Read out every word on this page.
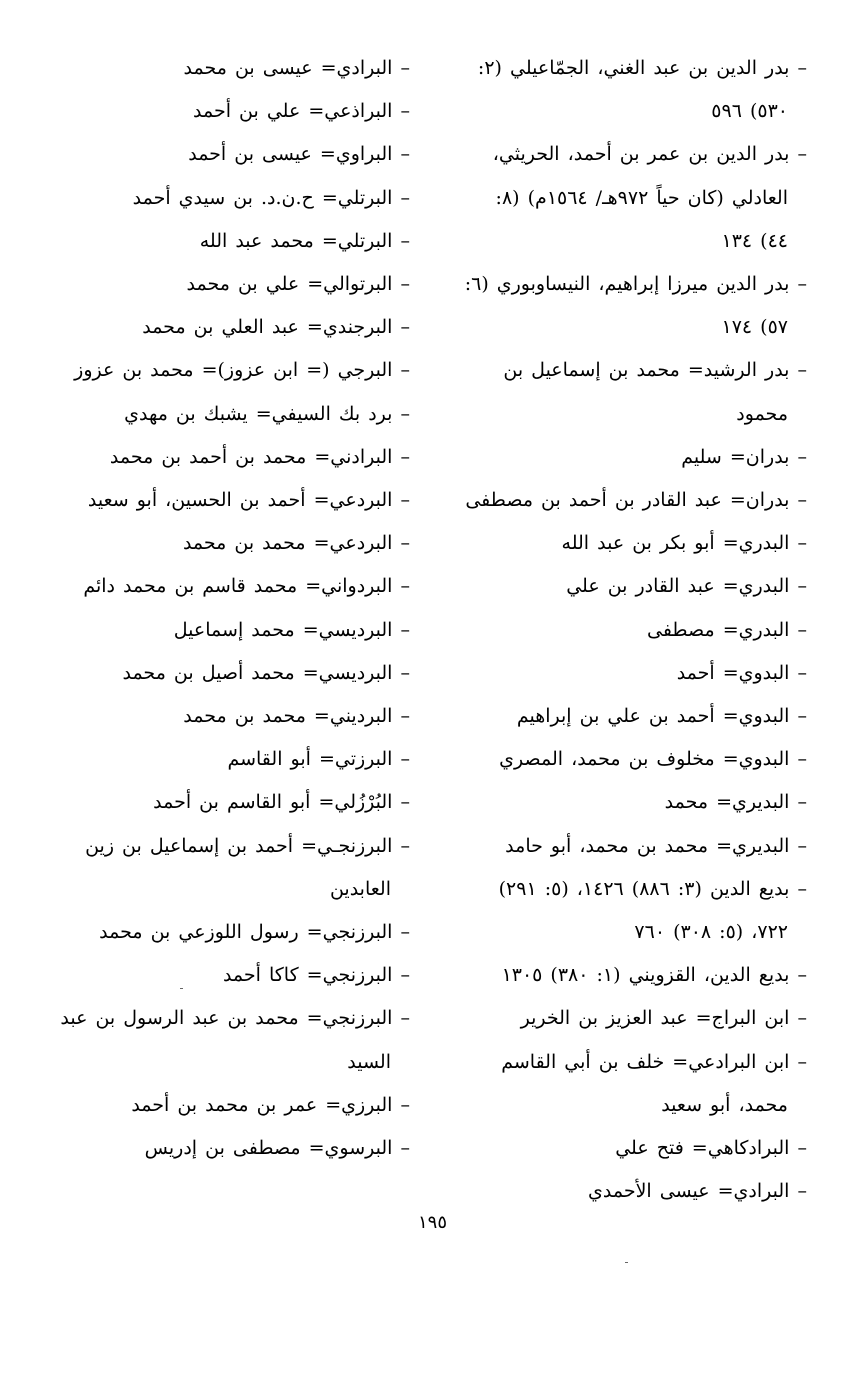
– بدر الدين بن عبد الغني، الجمّاعيلي (٢: ٥٣٠) ٥٩٦

– بدر الدين بن عمر بن أحمد، الحريثي، العادلي (كان حياً ٩٧٢هـ/ ١٥٦٤م) (٨: ٤٤) ١٣٤

– بدر الدين ميرزا إبراهيم، النيساوبوري (٦: ٥٧) ١٧٤

– بدر الرشيد= محمد بن إسماعيل بن محمود

– بدران= سليم

– بدران= عبد القادر بن أحمد بن مصطفى

– البدري= أبو بكر بن عبد الله

– البدري= عبد القادر بن علي

– البدري= مصطفى

– البدوي= أحمد

– البدوي= أحمد بن علي بن إبراهيم

– البدوي= مخلوف بن محمد، المصري

– البديري= محمد

– البديري= محمد بن محمد، أبو حامد

– بديع الدين (٣: ٨٨٦) ١٤٢٦، (٥: ٢٩١) ٧٢٢، (٥: ٣٠٨) ٧٦٠

– بديع الدين، القزويني (١: ٣٨٠) ١٣٠٥

– ابن البراج= عبد العزيز بن الخرير

– ابن البرادعي= خلف بن أبي القاسم محمد، أبو سعيد

– البرادكاهي= فتح علي

– البرادي= عيسى الأحمدي

– البرادي= عيسى بن محمد

– البراذعي= علي بن أحمد

– البراوي= عيسى بن أحمد

– البرتلي= ح.ن.د. بن سيدي أحمد

– البرتلي= محمد عبد الله

– البرتوالي= علي بن محمد

– البرجندي= عبد العلي بن محمد

– البرجي (= ابن عزوز)= محمد بن عزوز

– برد بك السيفي= يشبك بن مهدي

– البرادني= محمد بن أحمد بن محمد

– البردعي= أحمد بن الحسين، أبو سعيد

– البردعي= محمد بن محمد

– البردواني= محمد قاسم بن محمد دائم

– البرديسي= محمد إسماعيل

– البرديسي= محمد أصيل بن محمد

– البرديني= محمد بن محمد

– البرزتي= أبو القاسم

– البُرْزُلي= أبو القاسم بن أحمد

– البرزنجـي= أحمد بن إسماعيل بن زين العابدين

– البرزنجي= رسول اللوزعي بن محمد

– البرزنجي= كاكا أحمد

– البرزنجي= محمد بن عبد الرسول بن عبد السيد

– البرزي= عمر بن محمد بن أحمد

– البرسوي= مصطفى بن إدريس

١٩٥
